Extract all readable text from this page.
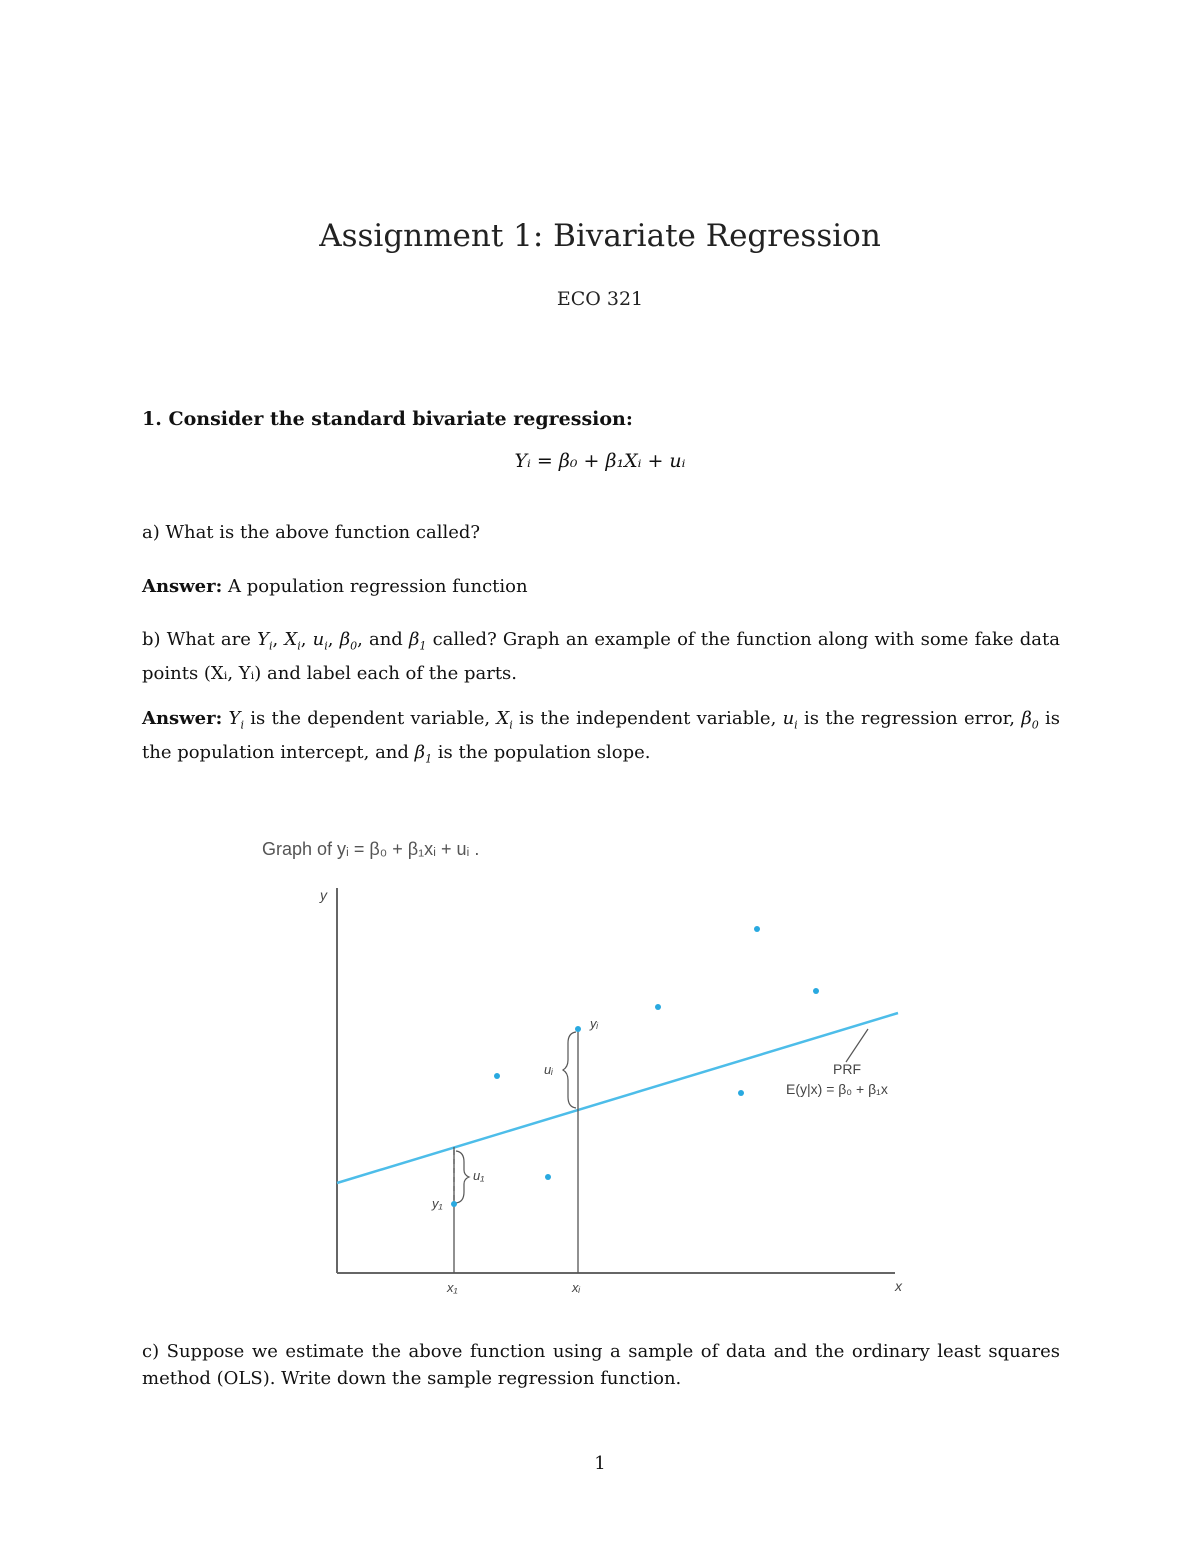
Assignment 1: Bivariate Regression
ECO 321
1. Consider the standard bivariate regression:
Yᵢ = β₀ + β₁Xᵢ + uᵢ
a) What is the above function called?
Answer: A population regression function
b) What are $Y_i$, $X_i$, $u_i$, $\beta_0$, and $\beta_1$ called? Graph an example of the function along with some fake data points (Xᵢ, Yᵢ) and label each of the parts.
Answer: $Y_i$ is the dependent variable, $X_i$ is the independent variable, $u_i$ is the regression error, $\beta_0$ is the population intercept, and $\beta_1$ is the population slope.
Graph of yᵢ = β₀ + β₁xᵢ + uᵢ .
y
x
yᵢ
uᵢ
u₁
y₁
x₁	xᵢ
PRF
E(y|x) = β₀ + β₁x
c) Suppose we estimate the above function using a sample of data and the ordinary least squares method (OLS). Write down the sample regression function.
1
